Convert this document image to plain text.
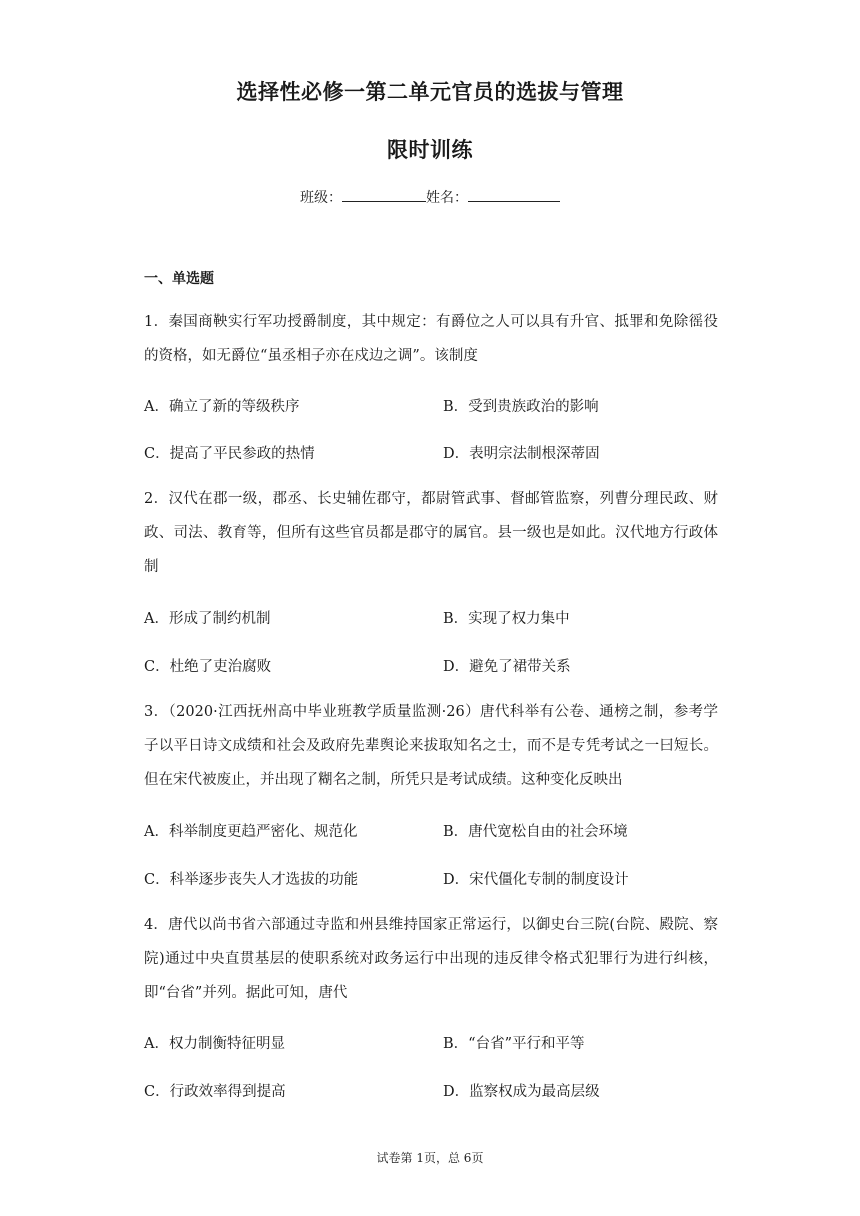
选择性必修一第二单元官员的选拔与管理
限时训练
班级：	姓名：
一、单选题
1．秦国商鞅实行军功授爵制度，其中规定：有爵位之人可以具有升官、抵罪和免除徭役的资格，如无爵位“虽丞相子亦在戍边之调”。该制度
A．确立了新的等级秩序	B．受到贵族政治的影响
C．提高了平民参政的热情	D．表明宗法制根深蒂固
2．汉代在郡一级，郡丞、长史辅佐郡守，都尉管武事、督邮管监察，列曹分理民政、财政、司法、教育等，但所有这些官员都是郡守的属官。县一级也是如此。汉代地方行政体制
A．形成了制约机制	B．实现了权力集中
C．杜绝了吏治腐败	D．避免了裙带关系
3．（2020·江西抚州高中毕业班教学质量监测·26）唐代科举有公卷、通榜之制，参考学子以平日诗文成绩和社会及政府先辈舆论来拔取知名之士，而不是专凭考试之一曰短长。但在宋代被废止，并出现了糊名之制，所凭只是考试成绩。这种变化反映出
A．科举制度更趋严密化、规范化	B．唐代宽松自由的社会环境
C．科举逐步丧失人才选拔的功能	D．宋代僵化专制的制度设计
4．唐代以尚书省六部通过寺监和州县维持国家正常运行，以御史台三院(台院、殿院、察院)通过中央直贯基层的使职系统对政务运行中出现的违反律令格式犯罪行为进行纠核，即“台省”并列。据此可知，唐代
A．权力制衡特征明显	B．“台省”平行和平等
C．行政效率得到提高	D．监察权成为最高层级
试卷第 1页，总 6页
